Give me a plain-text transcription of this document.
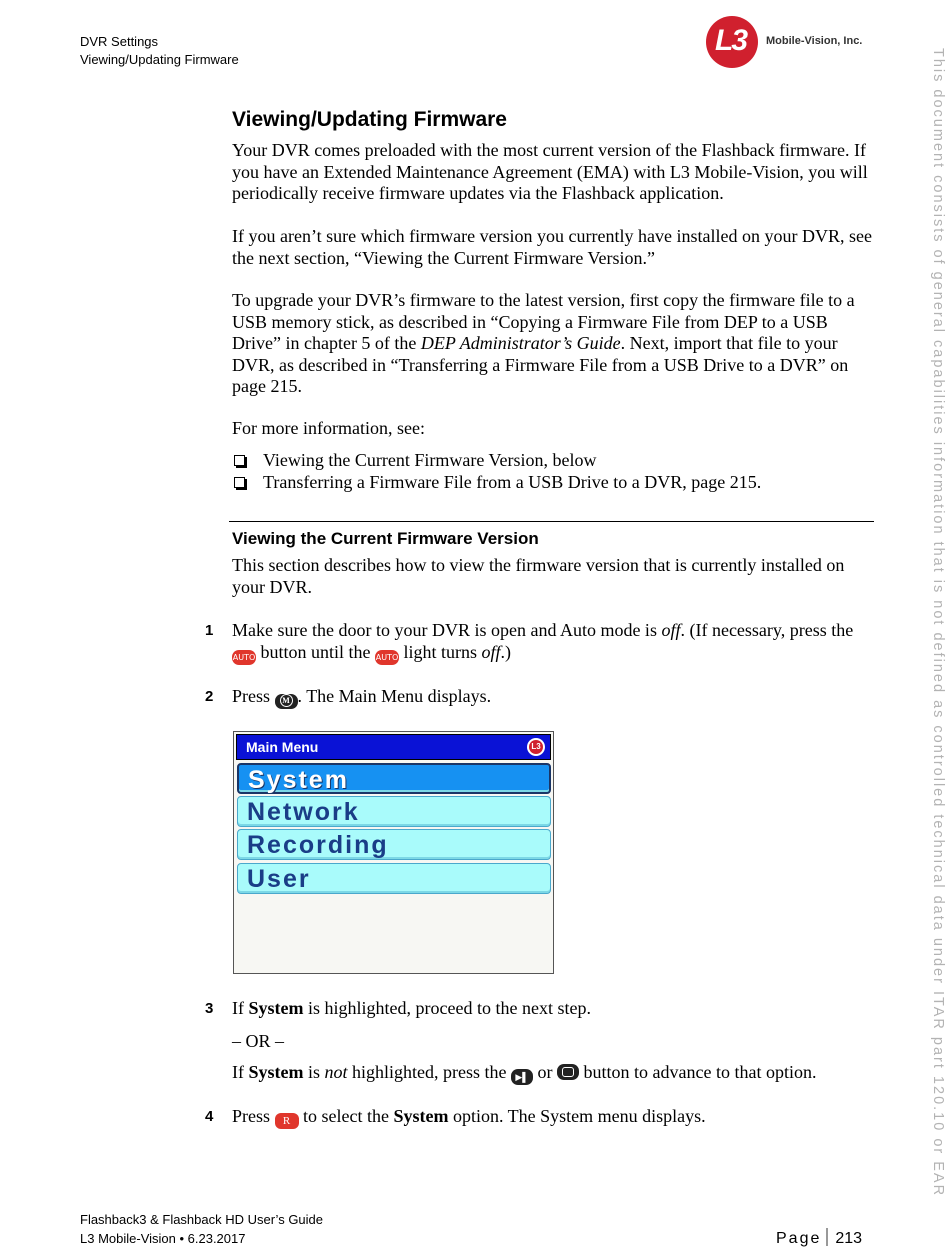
DVR Settings
Viewing/Updating Firmware
L3 Mobile-Vision, Inc.
This document consists of general capabilities information that is not defined as controlled technical data under ITAR part 120.10 or EAR
Viewing/Updating Firmware

Your DVR comes preloaded with the most current version of the Flashback firmware. If you have an Extended Maintenance Agreement (EMA) with L3 Mobile-Vision, you will periodically receive firmware updates via the Flashback application.

If you aren’t sure which firmware version you currently have installed on your DVR, see the next section, “Viewing the Current Firmware Version.”

To upgrade your DVR’s firmware to the latest version, first copy the firmware file to a USB memory stick, as described in “Copying a Firmware File from DEP to a USB Drive” in chapter 5 of the DEP Administrator’s Guide. Next, import that file to your DVR, as described in “Transferring a Firmware File from a USB Drive to a DVR” on page 215.

For more information, see:

Viewing the Current Firmware Version, below
Transferring a Firmware File from a USB Drive to a DVR, page 215.
Viewing the Current Firmware Version

This section describes how to view the firmware version that is currently installed on your DVR.

1 Make sure the door to your DVR is open and Auto mode is off. (If necessary, press the AUTO button until the AUTO light turns off.)

2 Press M . The Main Menu displays.

Main Menu	L3
System
Network
Recording
User
3 If System is highlighted, proceed to the next step.

– OR –

If System is not highlighted, press the ▶▌ or  button to advance to that option.

4 Press R to select the System option. The System menu displays.

Flashback3 & Flashback HD User’s Guide
L3 Mobile-Vision • 6.23.2017	Page 213
